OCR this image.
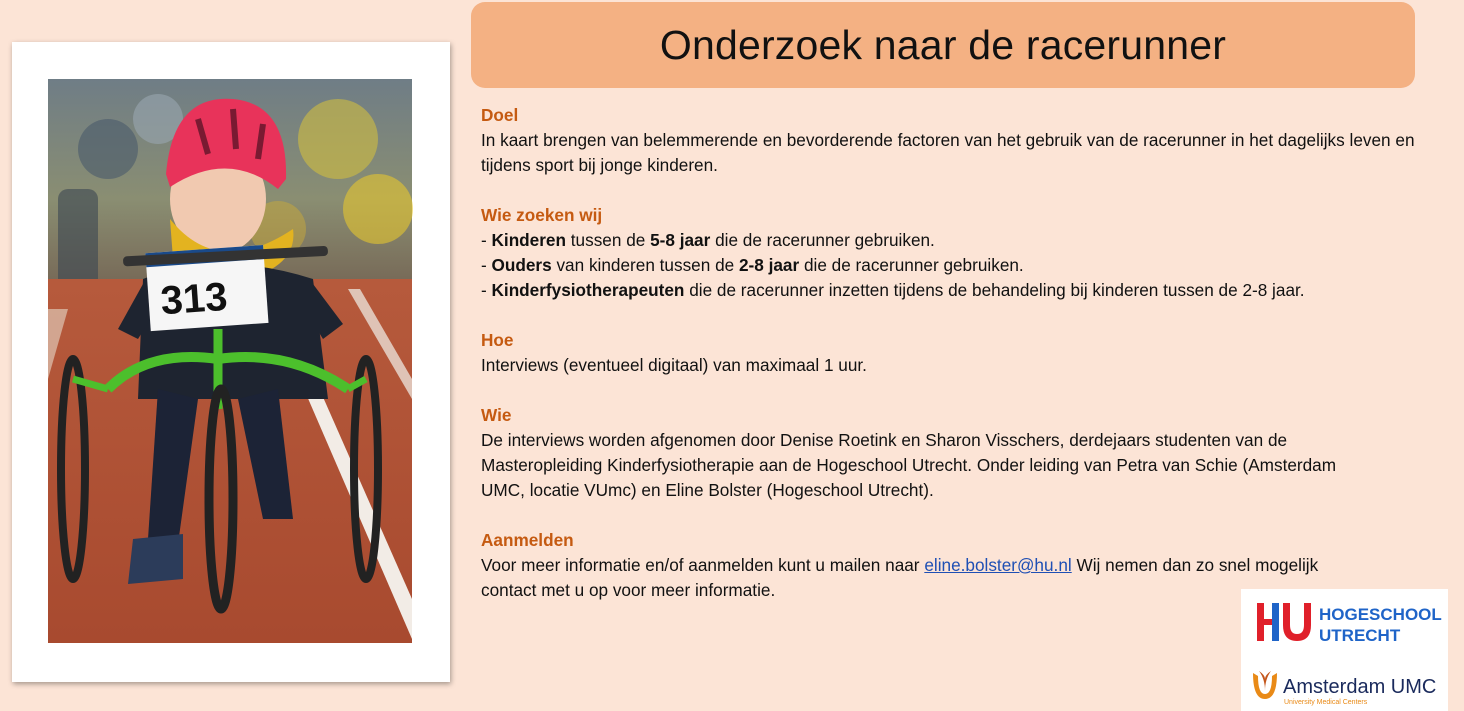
313
Onderzoek naar de racerunner
Doel
In kaart brengen van belemmerende en bevorderende factoren van het gebruik van de racerunner in het dagelijks leven en tijdens sport bij jonge kinderen.
Wie zoeken wij
- Kinderen tussen de 5-8 jaar die de racerunner gebruiken.
- Ouders van kinderen tussen de 2-8 jaar die de racerunner gebruiken.
- Kinderfysiotherapeuten die de racerunner inzetten tijdens de behandeling bij kinderen tussen de 2-8 jaar.
Hoe
Interviews (eventueel digitaal) van maximaal 1 uur.
Wie
De interviews worden afgenomen door Denise Roetink en Sharon Visschers, derdejaars studenten van de Masteropleiding Kinderfysiotherapie aan de Hogeschool Utrecht. Onder leiding van Petra van Schie (Amsterdam UMC, locatie VUmc) en Eline Bolster (Hogeschool Utrecht).
Aanmelden
Voor meer informatie en/of aanmelden kunt u mailen naar eline.bolster@hu.nl Wij nemen dan zo snel mogelijk contact met u op voor meer informatie.
HOGESCHOOL
UTRECHT
Amsterdam UMC
University Medical Centers
